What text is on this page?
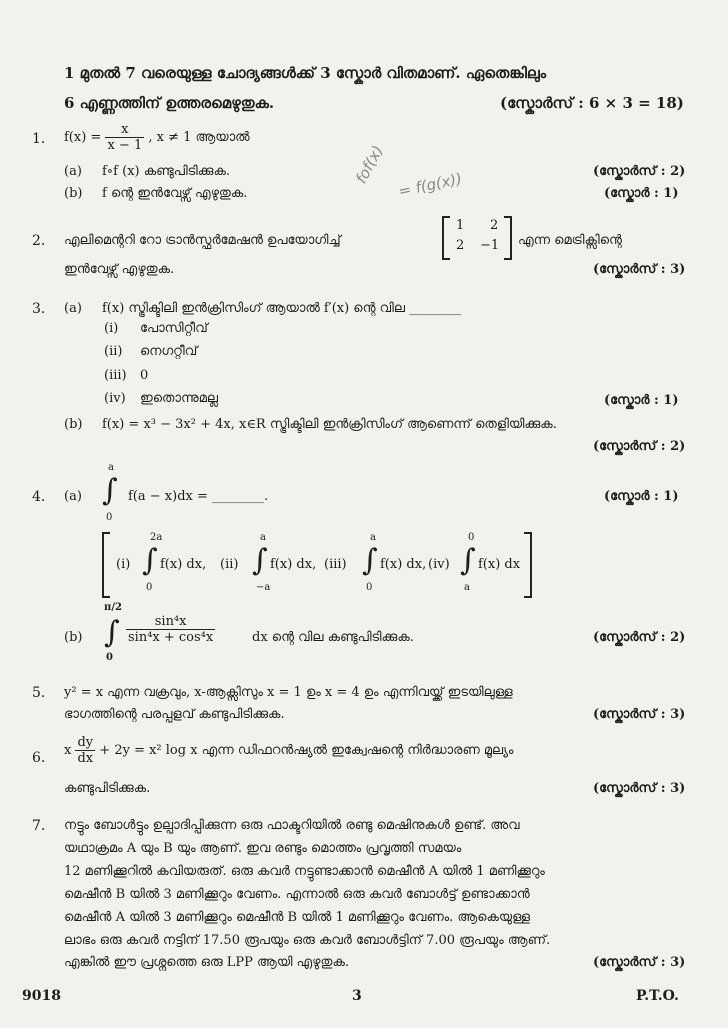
1 മുതൽ 7 വരെയുള്ള ചോദ്യങ്ങൾക്ക് 3 സ്കോർ വിതമാണ്. ഏതെങ്കിലും
6 എണ്ണത്തിന് ഉത്തരമെഴുതുക.	(സ്കോർസ് : 6 × 3 = 18)
1. $f(x) = \frac{x}{x - 1}$ , x ≠ 1 ആയാൽ
(a) f∘f (x) കണ്ടുപിടിക്കുക.	(സ്കോർസ് : 2)
(b) f ന്റെ ഇൻവേഴ്സ് എഴുതുക.	(സ്കോർ : 1)
fof(x) = f(g(x))
2. എലിമെന്ററി റോ ട്രാൻസ്ഫർമേഷൻ ഉപയോഗിച്ച്
1 2
2 −1 എന്ന മെട്രിക്സിന്റെ
ഇൻവേഴ്സ് എഴുതുക.	(സ്കോർസ് : 3)
3. (a) f(x) സ്ട്രിക്ടിലി ഇൻക്രിസിംഗ് ആയാൽ f′(x) ന്റെ വില ________
(i) പോസിറ്റീവ്
(ii) നെഗറ്റീവ്
(iii) 0
(iv) ഇതൊന്നുമല്ല	(സ്കോർ : 1)
(b) f(x) = x³ − 3x² + 4x, x∈R സ്ട്രിക്ടിലി ഇൻക്രിസിംഗ് ആണെന്ന് തെളിയിക്കുക.
(സ്കോർസ് : 2)
4. (a)
a
∫
0
f(a − x)dx = ________.	(സ്കോർ : 1)
(i)
2a
∫
0
f(x) dx, (ii)
a
∫
−a
f(x) dx, (iii)
a
∫
0
f(x) dx, (iv)
0
∫
a
f(x) dx
(b)
π/2
∫
0
$\frac{\text{sin⁴x}}{\text{sin⁴x + cos⁴x}}$	dx ന്റെ വില കണ്ടുപിടിക്കുക.	(സ്കോർസ് : 2)
5. y² = x എന്ന വക്രവും, x-ആക്സിസും x = 1 ഉം x = 4 ഉം എന്നിവയ്ക്ക് ഇടയിലുള്ള
ഭാഗത്തിന്റെ പരപ്പളവ് കണ്ടുപിടിക്കുക.	(സ്കോർസ് : 3)
6. x $\frac{dy}{dx} + 2y = x^2$ log x എന്ന ഡിഫറൻഷ്യൽ ഇക്വേഷന്റെ നിർദ്ധാരണ മൂല്യം
കണ്ടുപിടിക്കുക.	(സ്കോർസ് : 3)
7. നട്ടും ബോൾട്ടും ഉല്പാദിപ്പിക്കുന്ന ഒരു ഫാക്ടറിയിൽ രണ്ടു മെഷിനുകൾ ഉണ്ട്. അവ
യഥാക്രമം A യും B യും ആണ്. ഇവ രണ്ടും മൊത്തം പ്രവൃത്തി സമയം
12 മണിക്കൂറിൽ കവിയരുത്. ഒരു കവർ നട്ടുണ്ടാക്കാൻ മെഷീൻ A യിൽ 1 മണിക്കൂറും
മെഷീൻ B യിൽ 3 മണിക്കൂറും വേണം. എന്നാൽ ഒരു കവർ ബോൾട്ട് ഉണ്ടാക്കാൻ
മെഷീൻ A യിൽ 3 മണിക്കൂറും മെഷീൻ B യിൽ 1 മണിക്കൂറും വേണം. ആകെയുള്ള
ലാഭം ഒരു കവർ നട്ടിന് 17.50 രൂപയും ഒരു കവർ ബോൾട്ടിന് 7.00 രൂപയും ആണ്.
എങ്കിൽ ഈ പ്രശ്നത്തെ ഒരു LPP ആയി എഴുതുക.	(സ്കോർസ് : 3)
9018	3	P.T.O.
